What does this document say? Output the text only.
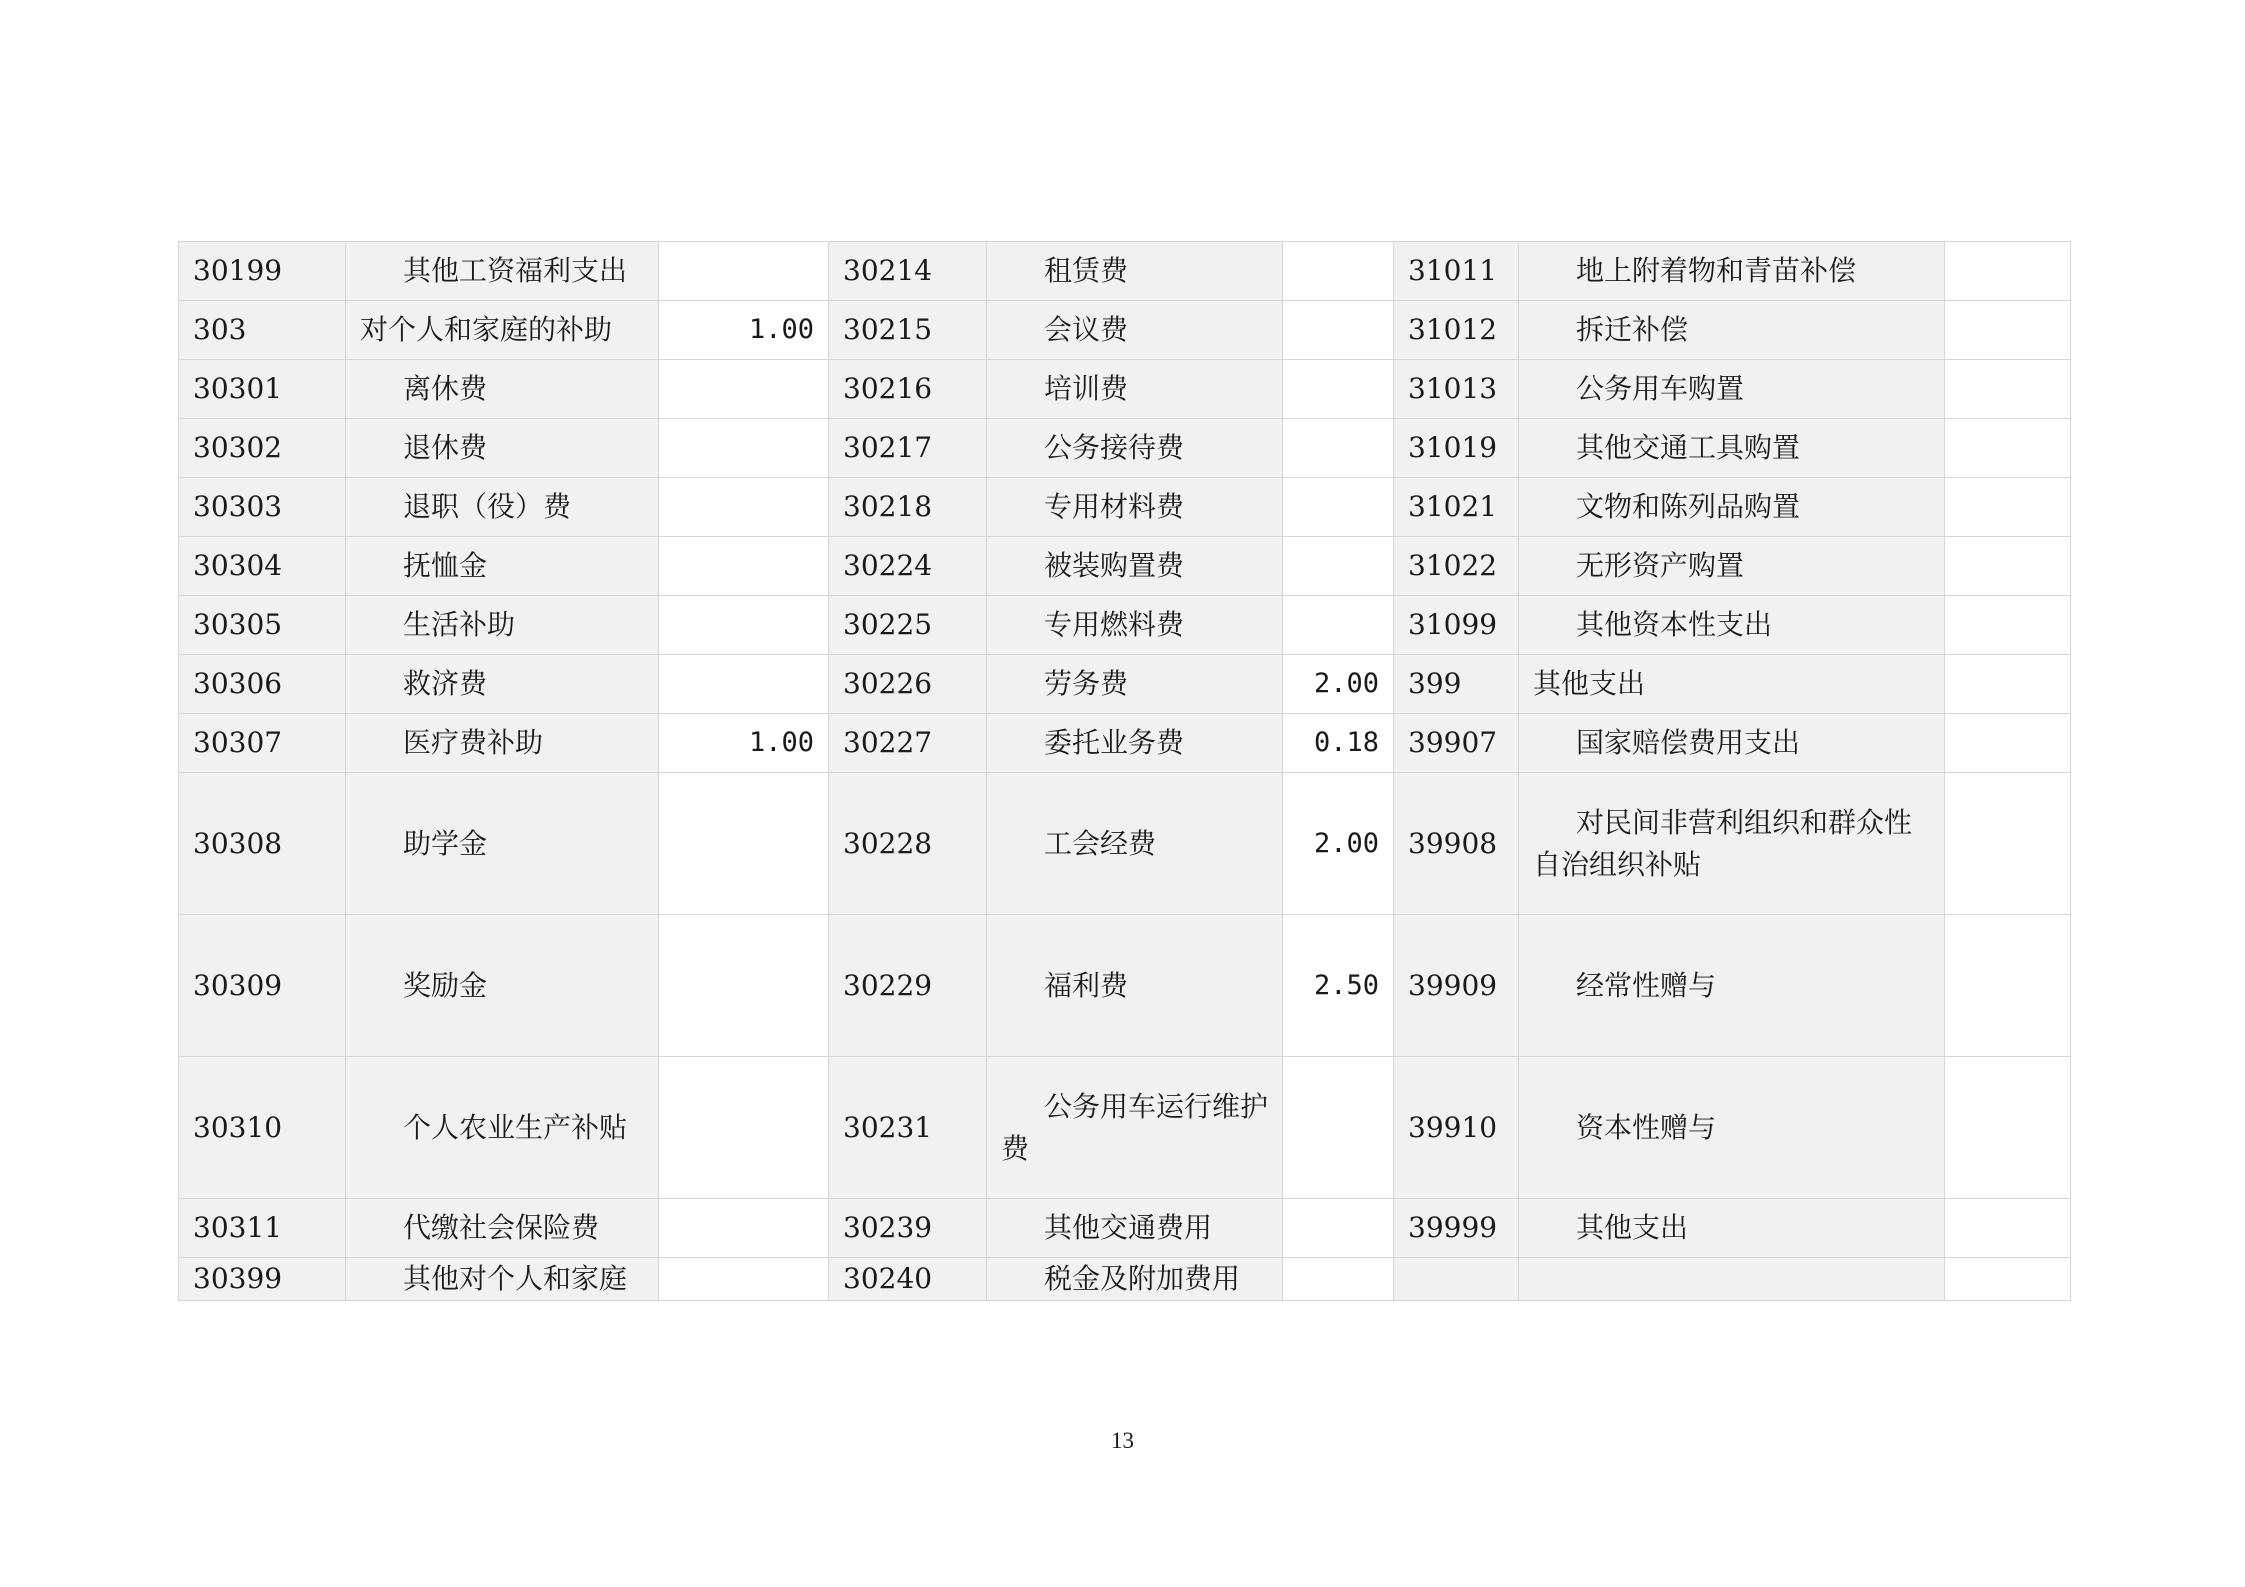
30199	其他工资福利支出		30214	租赁费		31011	地上附着物和青苗补偿	
303	对个人和家庭的补助	1.00	30215	会议费		31012	拆迁补偿	
30301	离休费		30216	培训费		31013	公务用车购置	
30302	退休费		30217	公务接待费		31019	其他交通工具购置	
30303	退职（役）费		30218	专用材料费		31021	文物和陈列品购置	
30304	抚恤金		30224	被装购置费		31022	无形资产购置	
30305	生活补助		30225	专用燃料费		31099	其他资本性支出	
30306	救济费		30226	劳务费	2.00	399	其他支出	
30307	医疗费补助	1.00	30227	委托业务费	0.18	39907	国家赔偿费用支出	
30308	助学金		30228	工会经费	2.00	39908	对民间非营利组织和群众性自治组织补贴	
30309	奖励金		30229	福利费	2.50	39909	经常性赠与	
30310	个人农业生产补贴		30231	公务用车运行维护费		39910	资本性赠与	
30311	代缴社会保险费		30239	其他交通费用		39999	其他支出	
30399	其他对个人和家庭		30240	税金及附加费用				
13
